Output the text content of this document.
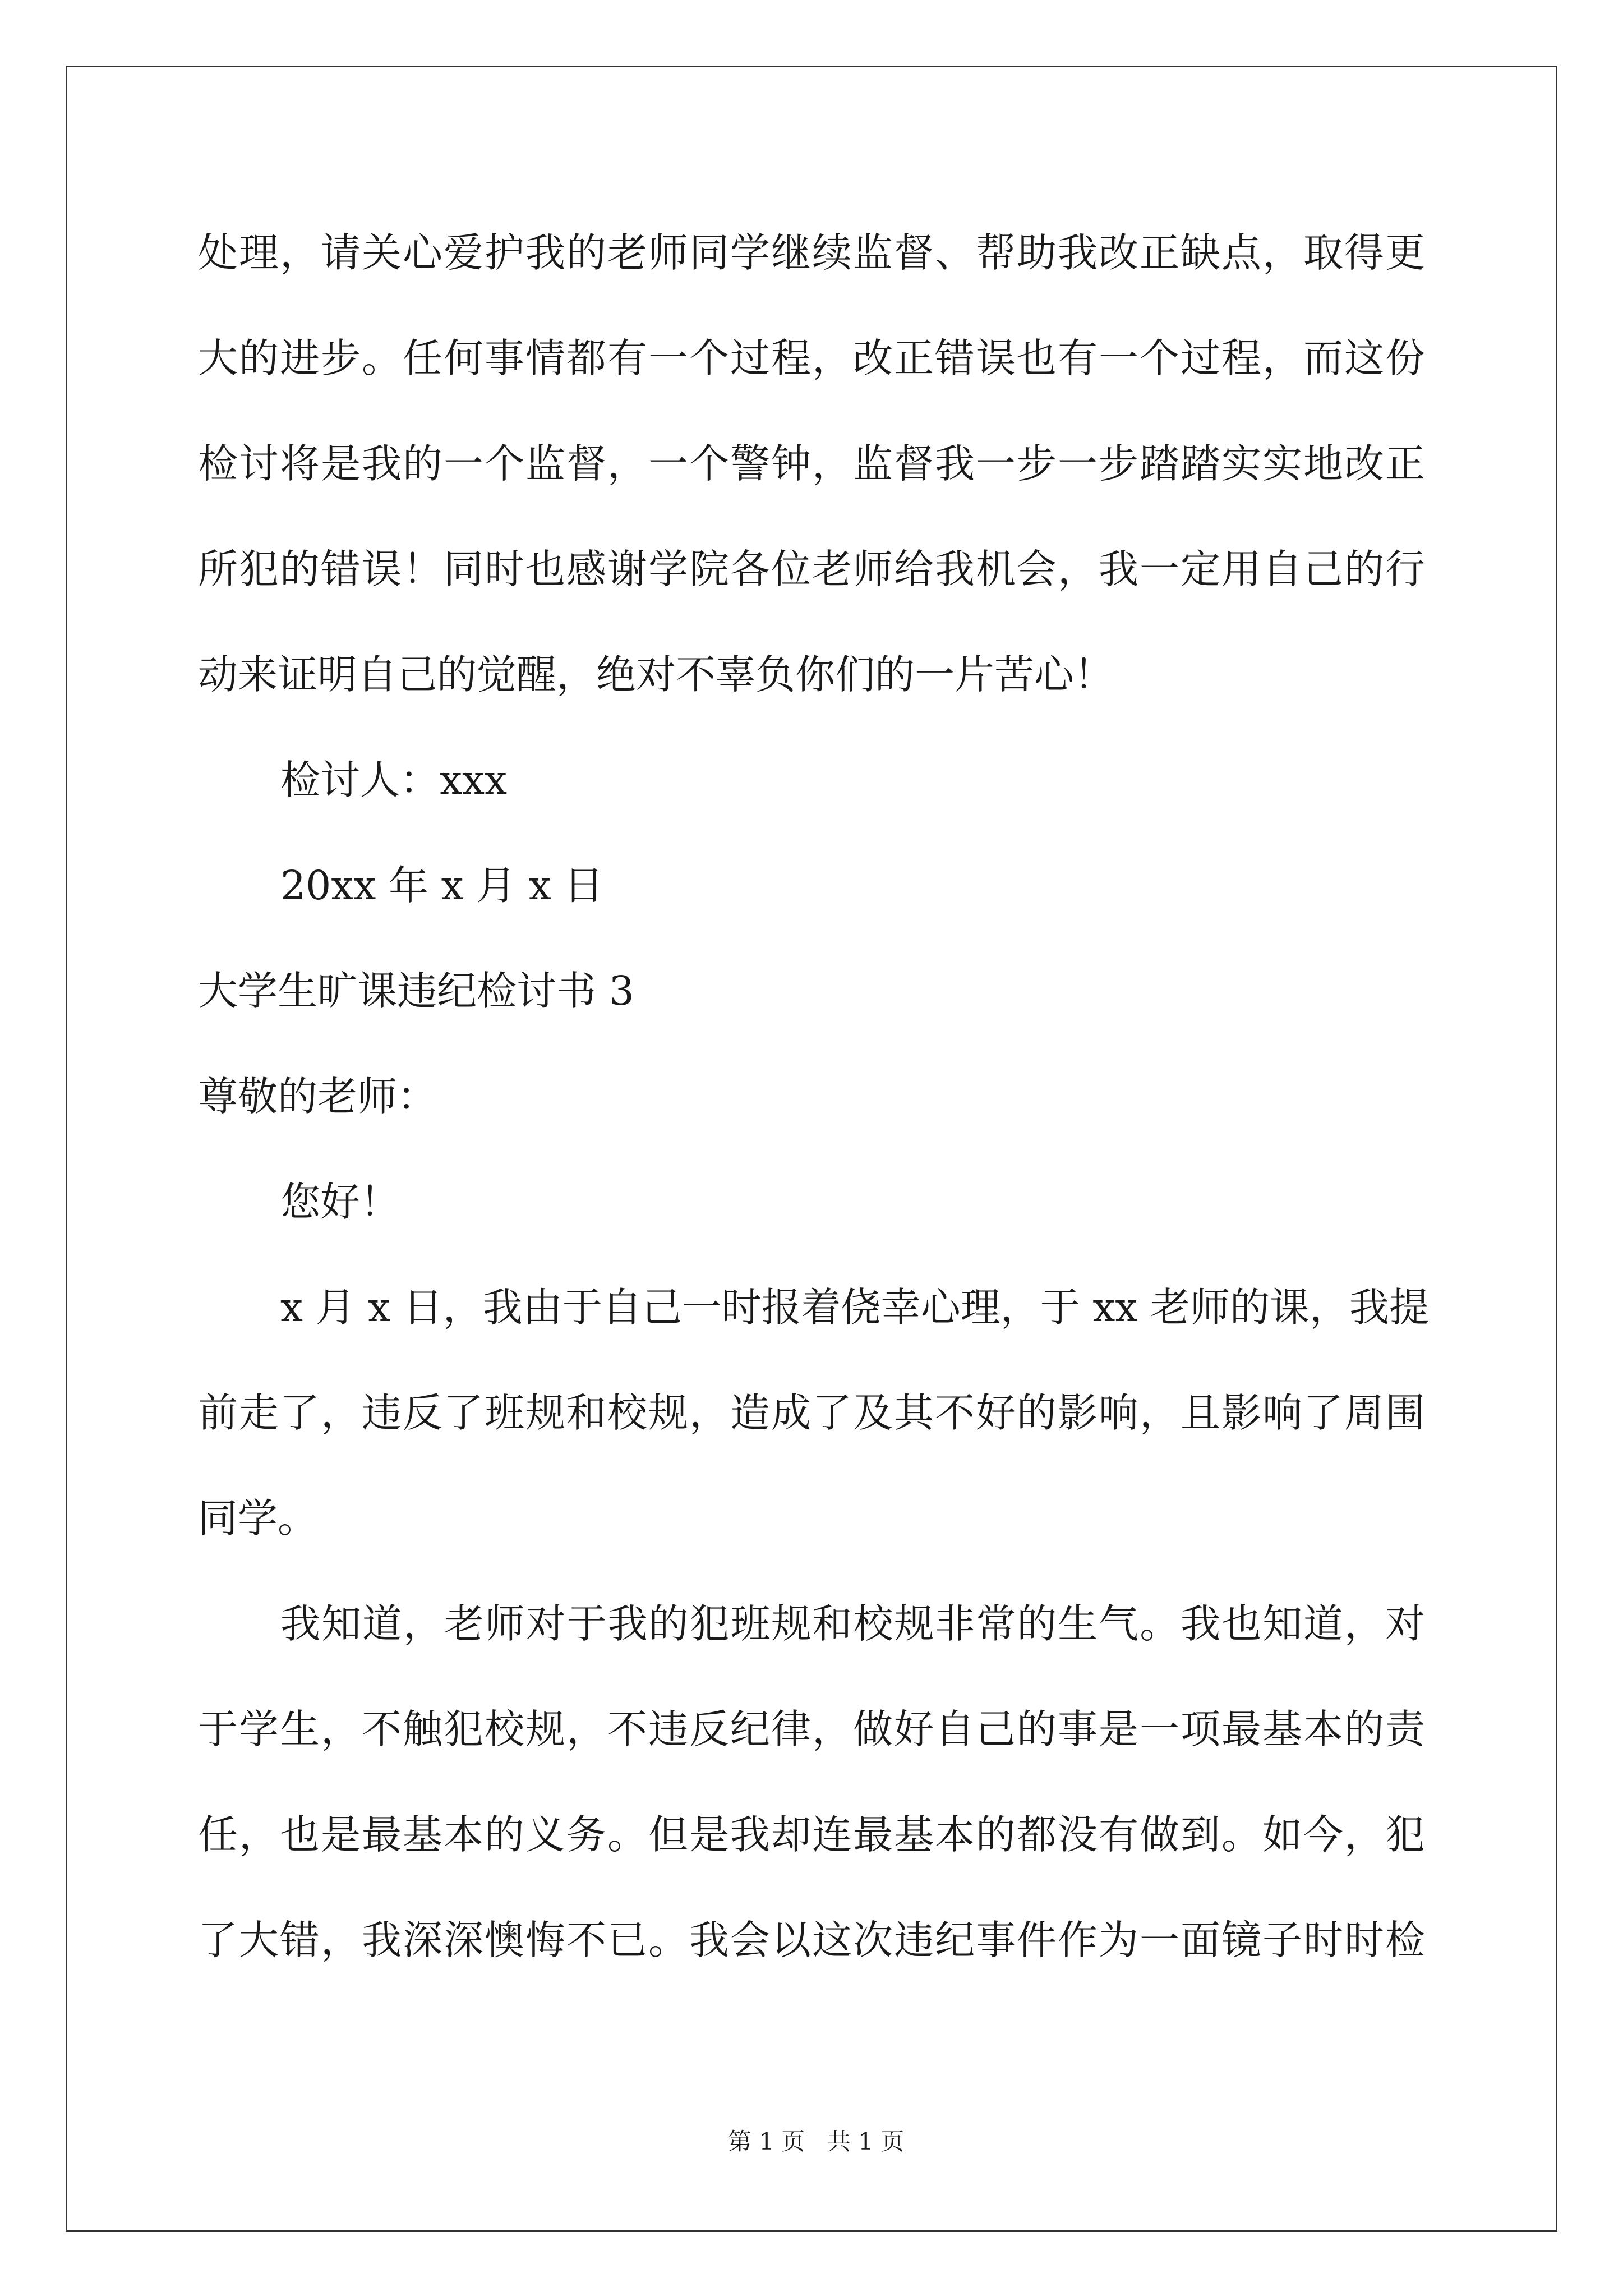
处理，请关心爱护我的老师同学继续监督、帮助我改正缺点，取得更
大的进步。任何事情都有一个过程，改正错误也有一个过程，而这份
检讨将是我的一个监督，一个警钟，监督我一步一步踏踏实实地改正
所犯的错误！同时也感谢学院各位老师给我机会，我一定用自己的行
动来证明自己的觉醒，绝对不辜负你们的一片苦心！
检讨人：xxx
20xx 年 x 月 x 日
大学生旷课违纪检讨书 3
尊敬的老师：
您好！
x 月 x 日，我由于自己一时报着侥幸心理，于 xx 老师的课，我提
前走了，违反了班规和校规，造成了及其不好的影响，且影响了周围
同学。
我知道，老师对于我的犯班规和校规非常的生气。我也知道，对
于学生，不触犯校规，不违反纪律，做好自己的事是一项最基本的责
任，也是最基本的义务。但是我却连最基本的都没有做到。如今，犯
了大错，我深深懊悔不已。我会以这次违纪事件作为一面镜子时时检
第 1 页 共 1 页
